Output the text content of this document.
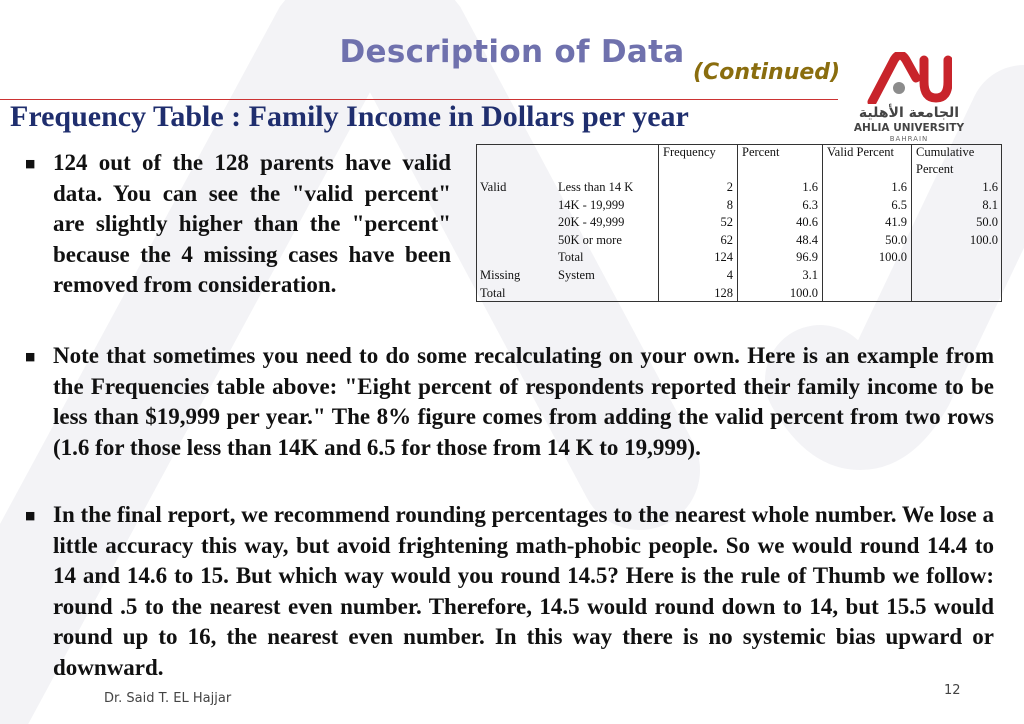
Description of Data
(Continued)
Frequency Table : Family Income in Dollars per year	الجامعة الأهلية
AHLIA UNIVERSITY
BAHRAIN
■ 124 out of the 128 parents have valid data. You can see the "valid percent" are slightly higher than the "percent" because the 4 missing cases have been removed from consideration.

		Frequency	Percent	Valid Percent	Cumulative Percent
Valid	Less than 14 K	2	1.6	1.6	1.6
	14K - 19,999	8	6.3	6.5	8.1
	20K - 49,999	52	40.6	41.9	50.0
	50K or more	62	48.4	50.0	100.0
	Total	124	96.9	100.0	
Missing	System	4	3.1		
Total		128	100.0		
■ Note that sometimes you need to do some recalculating on your own. Here is an example from the Frequencies table above: "Eight percent of respondents reported their family income to be less than $19,999 per year." The 8% figure comes from adding the valid percent from two rows (1.6 for those less than 14K and 6.5 for those from 14 K to 19,999).

■ In the final report, we recommend rounding percentages to the nearest whole number. We lose a little accuracy this way, but avoid frightening math-phobic people. So we would round 14.4 to 14 and 14.6 to 15. But which way would you round 14.5? Here is the rule of Thumb we follow: round .5 to the nearest even number. Therefore, 14.5 would round down to 14, but 15.5 would round up to 16, the nearest even number. In this way there is no systemic bias upward or downward.

Dr. Said T. EL Hajjar
12
